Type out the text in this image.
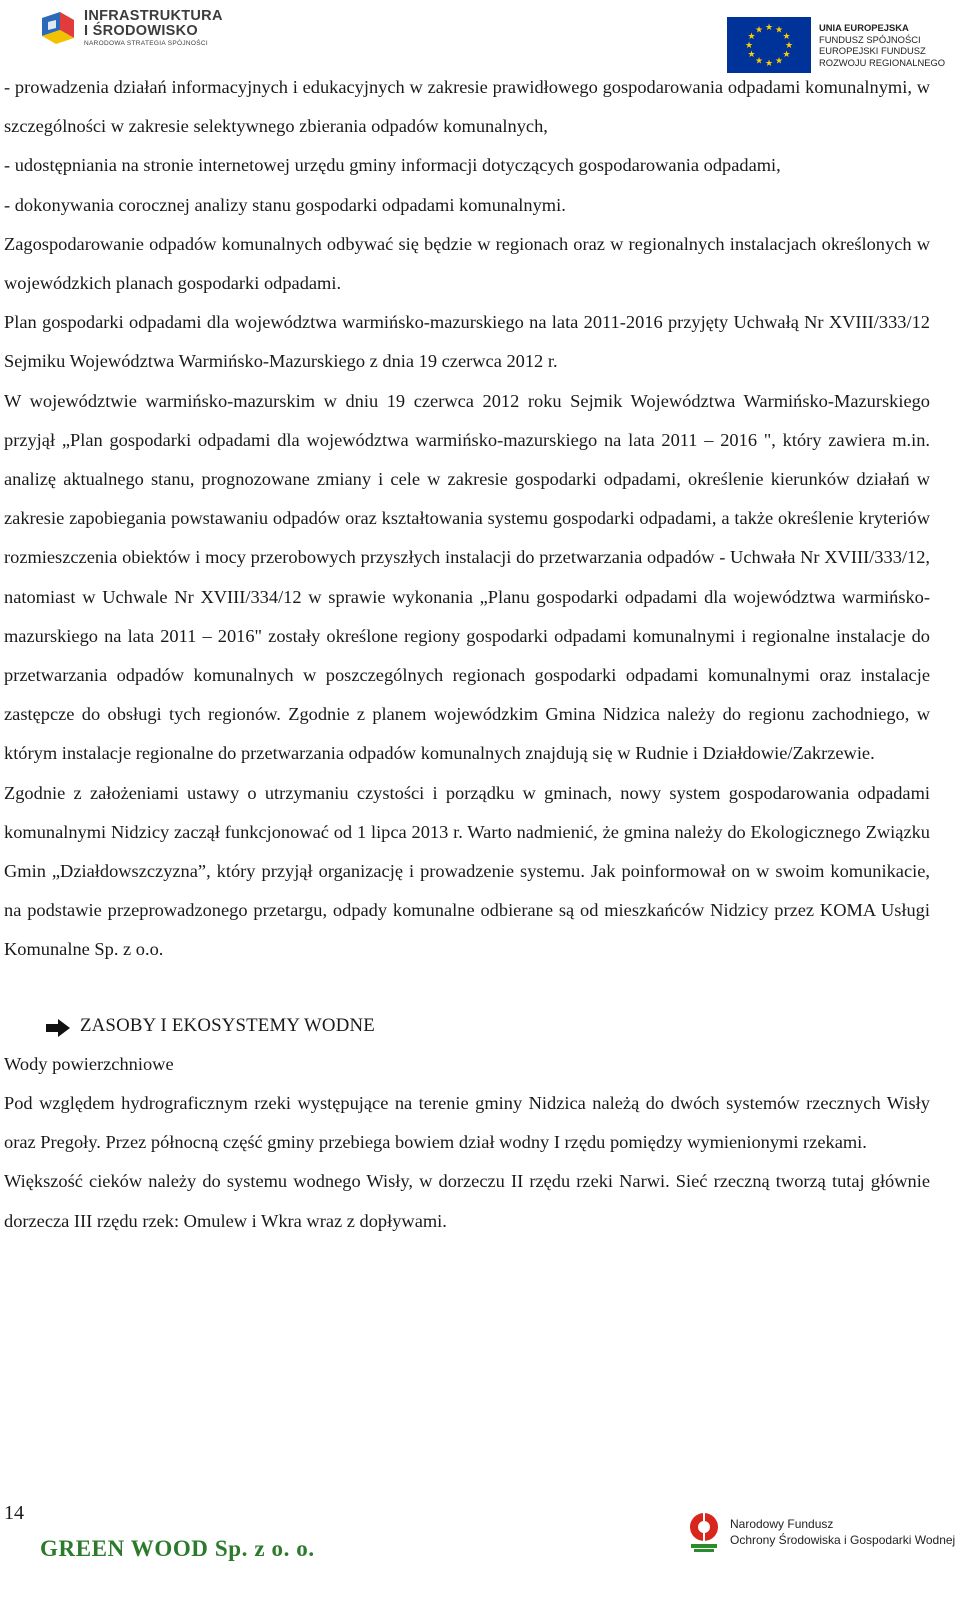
INFRASTRUKTURA
I ŚRODOWISKO
NARODOWA STRATEGIA SPÓJNOŚCI
★ ★
★
★
★
★
★
★
★
★
★
★	UNIA EUROPEJSKA
FUNDUSZ SPÓJNOŚCI
EUROPEJSKI FUNDUSZ
ROZWOJU REGIONALNEGO

- prowadzenia działań informacyjnych i edukacyjnych w zakresie prawidłowego gospodarowania odpadami komunalnymi, w szczególności w zakresie selektywnego zbierania odpadów komunalnych,

- udostępniania na stronie internetowej urzędu gminy informacji dotyczących gospodarowania odpadami,

- dokonywania corocznej analizy stanu gospodarki odpadami komunalnymi.

Zagospodarowanie odpadów komunalnych odbywać się będzie w regionach oraz w regionalnych instalacjach określonych w wojewódzkich planach gospodarki odpadami.

Plan gospodarki odpadami dla województwa warmińsko-mazurskiego na lata 2011-2016 przyjęty Uchwałą Nr XVIII/333/12 Sejmiku Województwa Warmińsko-Mazurskiego z dnia 19 czerwca 2012 r.

W województwie warmińsko-mazurskim w dniu 19 czerwca 2012 roku Sejmik Województwa Warmińsko-Mazurskiego przyjął „Plan gospodarki odpadami dla województwa warmińsko-mazurskiego na lata 2011 – 2016 ", który zawiera m.in. analizę aktualnego stanu, prognozowane zmiany i cele w zakresie gospodarki odpadami, określenie kierunków działań w zakresie zapobiegania powstawaniu odpadów oraz kształtowania systemu gospodarki odpadami, a także określenie kryteriów rozmieszczenia obiektów i mocy przerobowych przyszłych instalacji do przetwarzania odpadów - Uchwała Nr XVIII/333/12, natomiast w Uchwale Nr XVIII/334/12 w sprawie wykonania „Planu gospodarki odpadami dla województwa warmińsko-mazurskiego na lata 2011 – 2016" zostały określone regiony gospodarki odpadami komunalnymi i regionalne instalacje do przetwarzania odpadów komunalnych w poszczególnych regionach gospodarki odpadami komunalnymi oraz instalacje zastępcze do obsługi tych regionów. Zgodnie z planem wojewódzkim Gmina Nidzica należy do regionu zachodniego, w którym instalacje regionalne do przetwarzania odpadów komunalnych znajdują się w Rudnie i Działdowie/Zakrzewie.

Zgodnie z założeniami ustawy o utrzymaniu czystości i porządku w gminach, nowy system gospodarowania odpadami komunalnymi Nidzicy zaczął funkcjonować od 1 lipca 2013 r. Warto nadmienić, że gmina należy do Ekologicznego Związku Gmin „Działdowszczyzna”, który przyjął organizację i prowadzenie systemu. Jak poinformował on w swoim komunikacie, na podstawie przeprowadzonego przetargu, odpady komunalne odbierane są od mieszkańców Nidzicy przez KOMA Usługi Komunalne Sp. z o.o.

ZASOBY I EKOSYSTEMY WODNE

Wody powierzchniowe

Pod względem hydrograficznym rzeki występujące na terenie gminy Nidzica należą do dwóch systemów rzecznych Wisły oraz Pregoły. Przez północną część gminy przebiega bowiem dział wodny I rzędu pomiędzy wymienionymi rzekami.

Większość cieków należy do systemu wodnego Wisły, w dorzeczu II rzędu rzeki Narwi. Sieć rzeczną tworzą tutaj głównie dorzecza III rzędu rzek: Omulew i Wkra wraz z dopływami.

14
GREEN WOOD Sp. z o. o.
Narodowy Fundusz
Ochrony Środowiska i Gospodarki Wodnej
